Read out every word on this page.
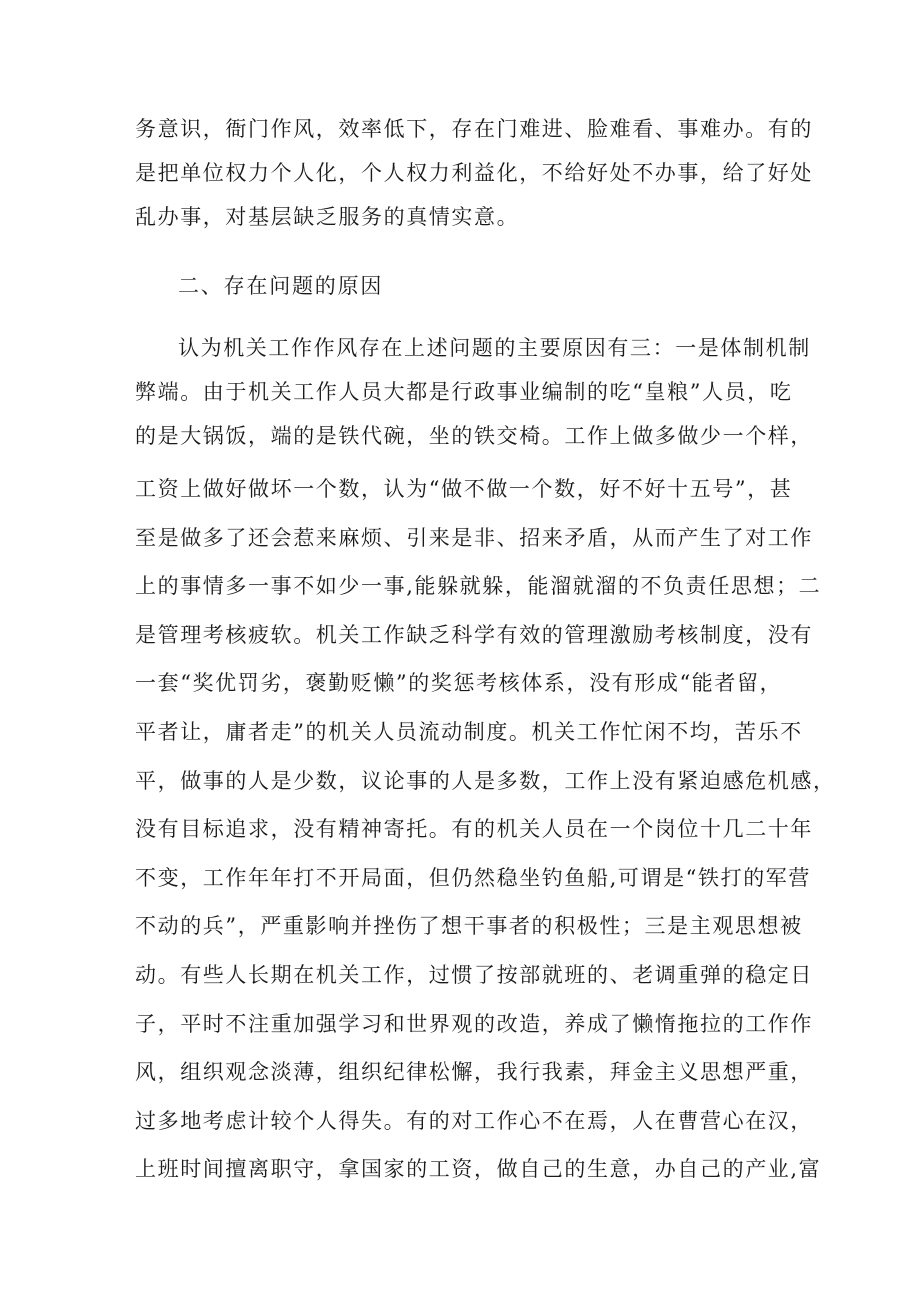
务意识，衙门作风，效率低下，存在门难进、脸难看、事难办。有的
是把单位权力个人化，个人权力利益化，不给好处不办事，给了好处
乱办事，对基层缺乏服务的真情实意。
二、存在问题的原因
认为机关工作作风存在上述问题的主要原因有三：一是体制机制
弊端。由于机关工作人员大都是行政事业编制的吃“皇粮”人员，吃
的是大锅饭，端的是铁代碗，坐的铁交椅。工作上做多做少一个样，
工资上做好做坏一个数，认为“做不做一个数，好不好十五号”，甚
至是做多了还会惹来麻烦、引来是非、招来矛盾，从而产生了对工作
上的事情多一事不如少一事,能躲就躲，能溜就溜的不负责任思想；二
是管理考核疲软。机关工作缺乏科学有效的管理激励考核制度，没有
一套“奖优罚劣，褒勤贬懒”的奖惩考核体系，没有形成“能者留，
平者让，庸者走”的机关人员流动制度。机关工作忙闲不均，苦乐不
平，做事的人是少数，议论事的人是多数，工作上没有紧迫感危机感，
没有目标追求，没有精神寄托。有的机关人员在一个岗位十几二十年
不变，工作年年打不开局面，但仍然稳坐钓鱼船,可谓是“铁打的军营
不动的兵”，严重影响并挫伤了想干事者的积极性；三是主观思想被
动。有些人长期在机关工作，过惯了按部就班的、老调重弹的稳定日
子，平时不注重加强学习和世界观的改造，养成了懒惰拖拉的工作作
风，组织观念淡薄，组织纪律松懈，我行我素，拜金主义思想严重，
过多地考虑计较个人得失。有的对工作心不在焉，人在曹营心在汉，
上班时间擅离职守，拿国家的工资，做自己的生意，办自己的产业,富
